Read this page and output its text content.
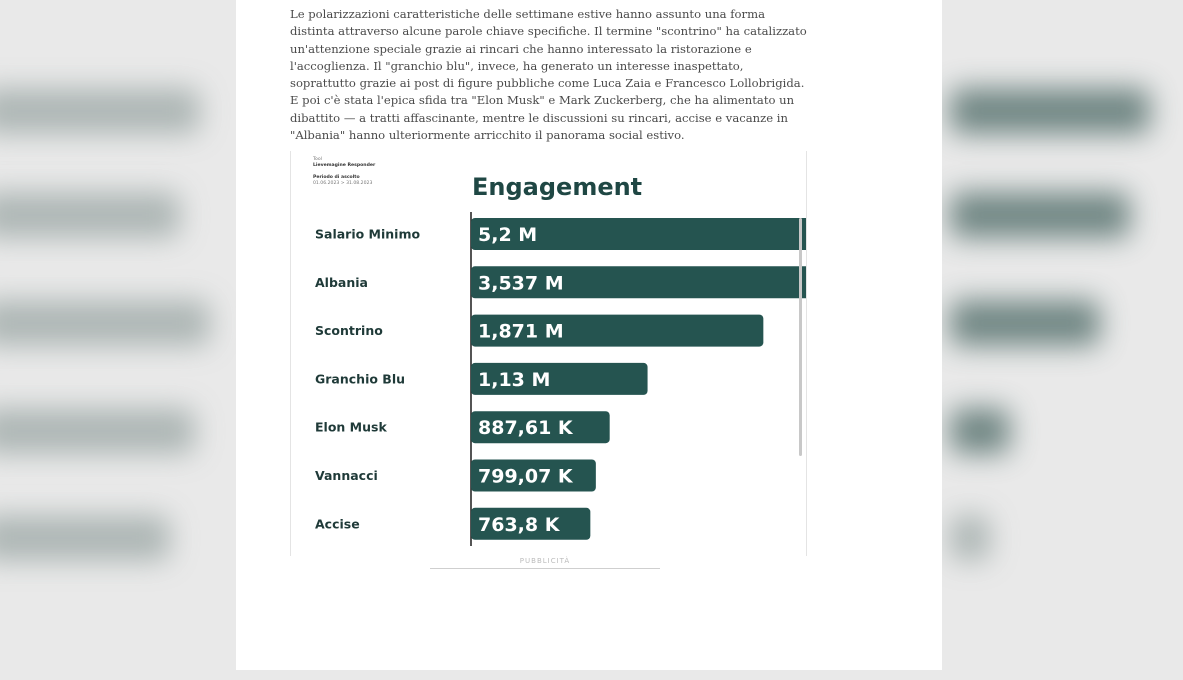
Le polarizzazioni caratteristiche delle settimane estive hanno assunto una forma distinta attraverso alcune parole chiave specifiche. Il termine "scontrino" ha catalizzato un'attenzione speciale grazie ai rincari che hanno interessato la ristorazione e l'accoglienza. Il "granchio blu", invece, ha generato un interesse inaspettato, soprattutto grazie ai post di figure pubbliche come Luca Zaia e Francesco Lollobrigida. E poi c'è stata l'epica sfida tra "Elon Musk" e Mark Zuckerberg, che ha alimentato un dibattito — a tratti affascinante, mentre le discussioni su rincari, accise e vacanze in "Albania" hanno ulteriormente arricchito il panorama social estivo.

Tool
Lievemagine Responder
Periodo di ascolto
01.06.2023 > 31.08.2023	Engagement
Salario Minimo	5,2 M
Albania	3,537 M
Scontrino	1,871 M
Granchio Blu	1,13 M
Elon Musk	887,61 K
Vannacci	799,07 K
Accise	763,8 K
PUBBLICITÀ
